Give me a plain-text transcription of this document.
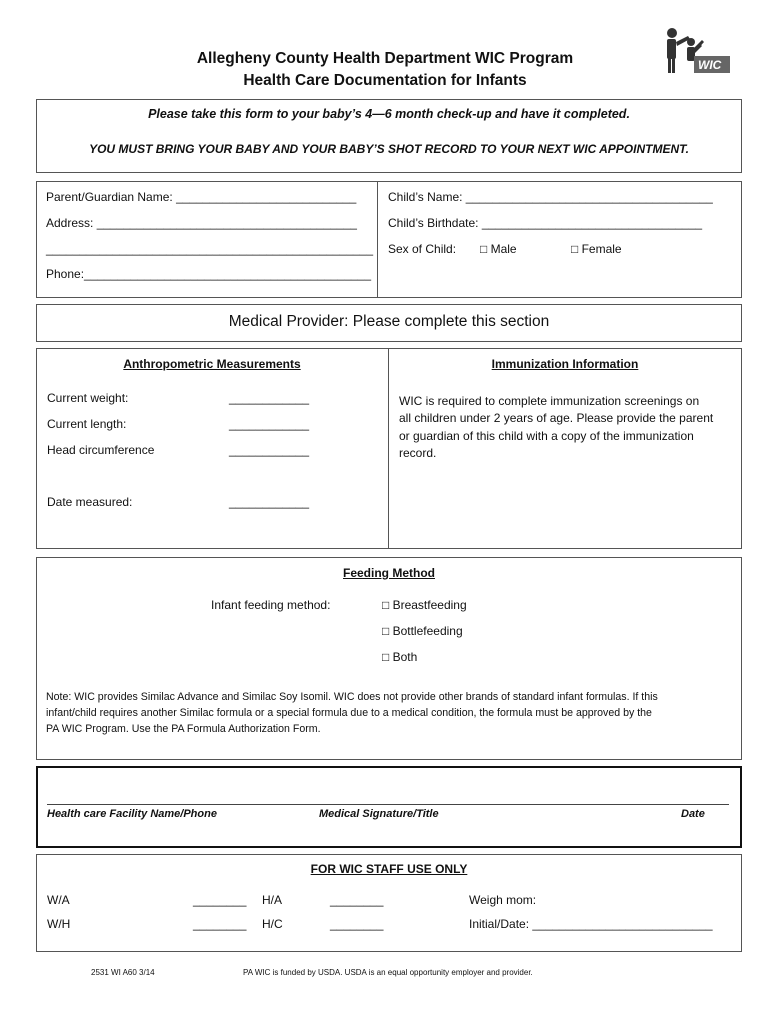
Allegheny County Health Department WIC Program
Health Care Documentation for Infants
WIC
Please take this form to your baby’s 4—6 month check-up and have it completed.
YOU MUST BRING YOUR BABY AND YOUR BABY’S SHOT RECORD TO YOUR NEXT WIC APPOINTMENT.
Parent/Guardian Name: ___________________________
Address: _______________________________________
_________________________________________________
Phone:___________________________________________
Child’s Name: _____________________________________
Child’s Birthdate: _________________________________
Sex of Child: □ Male	□ Female
Medical Provider: Please complete this section
Anthropometric Measurements
Current weight:	____________
Current length:	____________
Head circumference	____________
Date measured:	____________
Immunization Information
WIC is required to complete immunization screenings on
all children under 2 years of age. Please provide the parent
or guardian of this child with a copy of the immunization
record.
Feeding Method
Infant feeding method:	□ Breastfeeding
□ Bottlefeeding
□ Both
Note: WIC provides Similac Advance and Similac Soy Isomil. WIC does not provide other brands of standard infant formulas. If this
infant/child requires another Similac formula or a special formula due to a medical condition, the formula must be approved by the
PA WIC Program. Use the PA Formula Authorization Form.
Health care Facility Name/Phone	Medical Signature/Title	Date
FOR WIC STAFF USE ONLY
W/A	________ H/A	________	Weigh mom:
W/H	________ H/C	________	Initial/Date: ___________________________
2531 WI A60 3/14	PA WIC is funded by USDA. USDA is an equal opportunity employer and provider.
